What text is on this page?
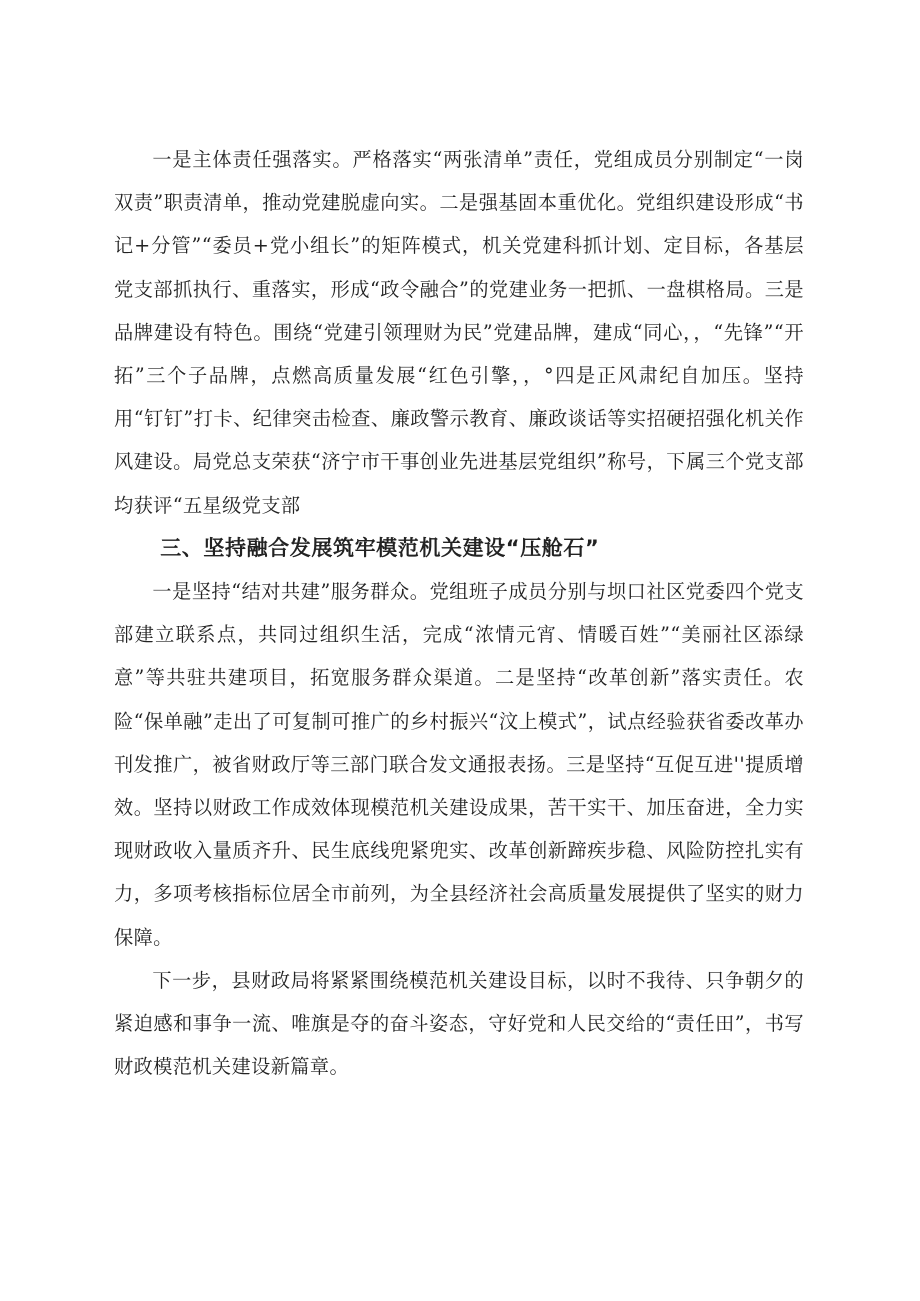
一是主体责任强落实。严格落实“两张清单”责任，党组成员分别制定“一岗双责”职责清单，推动党建脱虚向实。二是强基固本重优化。党组织建设形成“书记+分管”“委员+党小组长”的矩阵模式，机关党建科抓计划、定目标，各基层党支部抓执行、重落实，形成“政令融合”的党建业务一把抓、一盘棋格局。三是品牌建设有特色。围绕“党建引领理财为民”党建品牌，建成“同心，，“先锋”“开拓”三个子品牌，点燃高质量发展“红色引擎，，°四是正风肃纪自加压。坚持用“钉钉”打卡、纪律突击检查、廉政警示教育、廉政谈话等实招硬招强化机关作风建设。局党总支荣获“济宁市干事创业先进基层党组织”称号，下属三个党支部均获评“五星级党支部

三、坚持融合发展筑牢模范机关建设“压舱石”

一是坚持“结对共建”服务群众。党组班子成员分别与坝口社区党委四个党支部建立联系点，共同过组织生活，完成“浓情元宵、情暖百姓”“美丽社区添绿意”等共驻共建项目，拓宽服务群众渠道。二是坚持“改革创新”落实责任。农险“保单融”走出了可复制可推广的乡村振兴“汶上模式”，试点经验获省委改革办刊发推广，被省财政厅等三部门联合发文通报表扬。三是坚持“互促互进''提质增效。坚持以财政工作成效体现模范机关建设成果，苦干实干、加压奋进，全力实现财政收入量质齐升、民生底线兜紧兜实、改革创新蹄疾步稳、风险防控扎实有力，多项考核指标位居全市前列，为全县经济社会高质量发展提供了坚实的财力保障。

下一步，县财政局将紧紧围绕模范机关建设目标，以时不我待、只争朝夕的紧迫感和事争一流、唯旗是夺的奋斗姿态，守好党和人民交给的“责任田”，书写财政模范机关建设新篇章。
